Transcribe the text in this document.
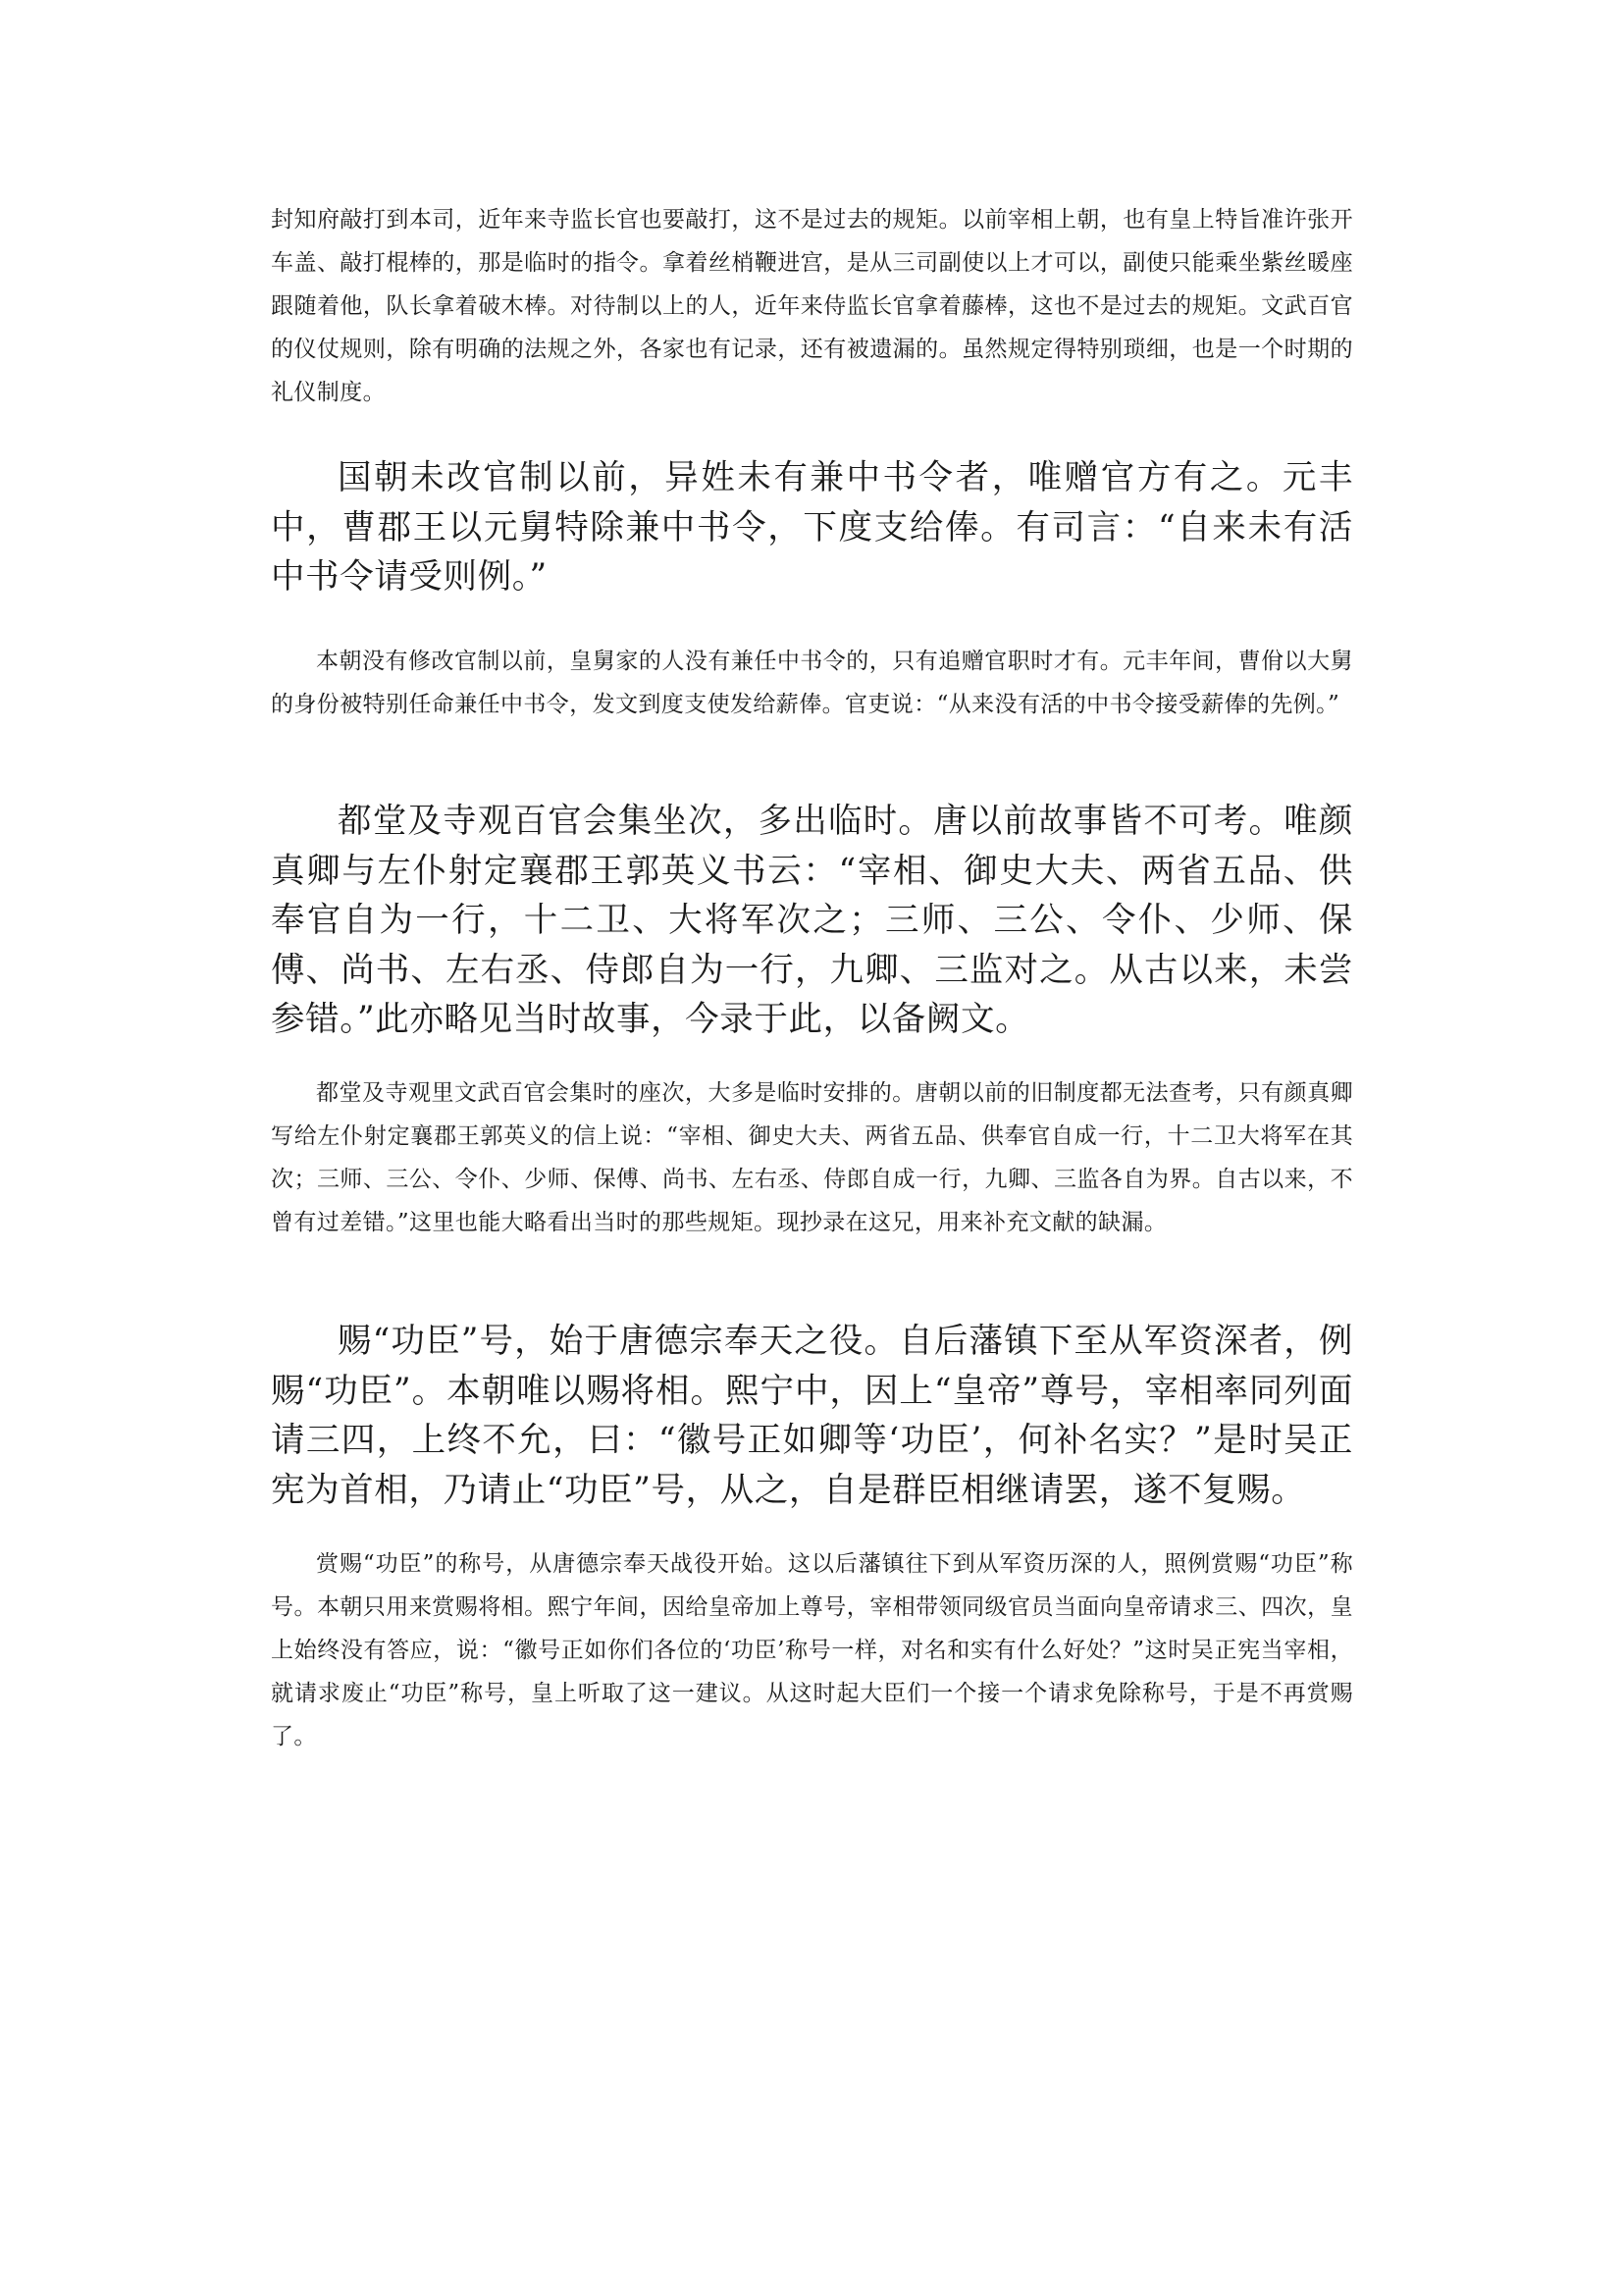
封知府敲打到本司，近年来寺监长官也要敲打，这不是过去的规矩。以前宰相上朝，也有皇上特旨准许张开车盖、敲打棍棒的，那是临时的指令。拿着丝梢鞭进宫，是从三司副使以上才可以，副使只能乘坐紫丝暖座跟随着他，队长拿着破木棒。对待制以上的人，近年来侍监长官拿着藤棒，这也不是过去的规矩。文武百官的仪仗规则，除有明确的法规之外，各家也有记录，还有被遗漏的。虽然规定得特别琐细，也是一个时期的礼仪制度。

国朝未改官制以前，异姓未有兼中书令者，唯赠官方有之。元丰中，曹郡王以元舅特除兼中书令，下度支给俸。有司言：“自来未有活中书令请受则例。”

本朝没有修改官制以前，皇舅家的人没有兼任中书令的，只有追赠官职时才有。元丰年间，曹佾以大舅的身份被特别任命兼任中书令，发文到度支使发给薪俸。官吏说：“从来没有活的中书令接受薪俸的先例。”

都堂及寺观百官会集坐次，多出临时。唐以前故事皆不可考。唯颜真卿与左仆射定襄郡王郭英义书云：“宰相、御史大夫、两省五品、供奉官自为一行，十二卫、大将军次之；三师、三公、令仆、少师、保傅、尚书、左右丞、侍郎自为一行，九卿、三监对之。从古以来，未尝参错。”此亦略见当时故事，今录于此，以备阙文。

都堂及寺观里文武百官会集时的座次，大多是临时安排的。唐朝以前的旧制度都无法查考，只有颜真卿写给左仆射定襄郡王郭英义的信上说：“宰相、御史大夫、两省五品、供奉官自成一行，十二卫大将军在其次；三师、三公、令仆、少师、保傅、尚书、左右丞、侍郎自成一行，九卿、三监各自为界。自古以来，不曾有过差错。”这里也能大略看出当时的那些规矩。现抄录在这兄，用来补充文献的缺漏。

赐“功臣”号，始于唐德宗奉天之役。自后藩镇下至从军资深者，例赐“功臣”。本朝唯以赐将相。熙宁中，因上“皇帝”尊号，宰相率同列面请三四，上终不允，曰：“徽号正如卿等‘功臣’，何补名实？”是时吴正宪为首相，乃请止“功臣”号，从之，自是群臣相继请罢，遂不复赐。

赏赐“功臣”的称号，从唐德宗奉天战役开始。这以后藩镇往下到从军资历深的人，照例赏赐“功臣”称号。本朝只用来赏赐将相。熙宁年间，因给皇帝加上尊号，宰相带领同级官员当面向皇帝请求三、四次，皇上始终没有答应，说：“徽号正如你们各位的‘功臣’称号一样，对名和实有什么好处？”这时吴正宪当宰相，就请求废止“功臣”称号，皇上听取了这一建议。从这时起大臣们一个接一个请求免除称号，于是不再赏赐了。
